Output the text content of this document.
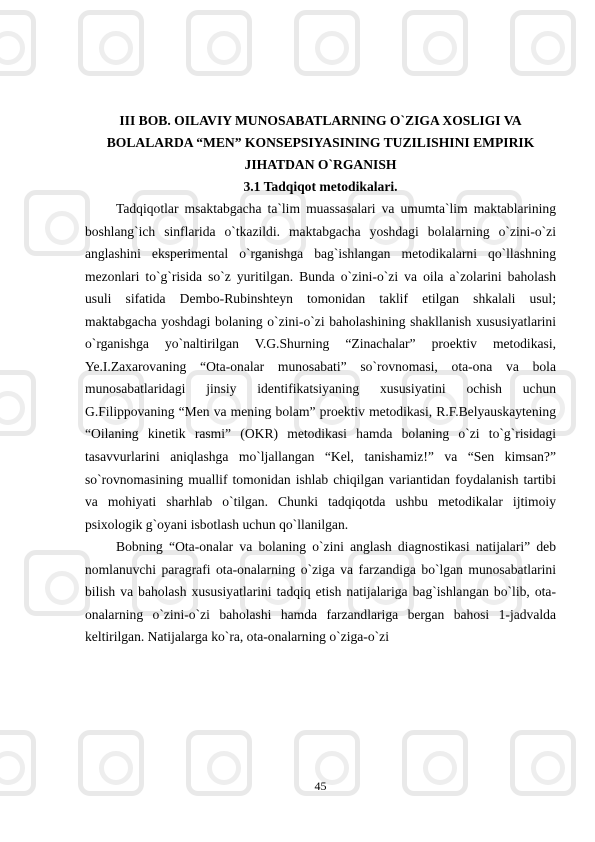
III BOB. OILAVIY MUNOSABATLARNING O`ZIGA XOSLIGI VA BOLALARDA “MEN” KONSEPSIYASINING TUZILISHINI EMPIRIK JIHATDAN O`RGANISH
3.1 Tadqiqot metodikalari.

Tadqiqotlar msaktabgacha ta`lim muassasalari va umumta`lim maktablarining boshlang`ich sinflarida o`tkazildi. maktabgacha yoshdagi bolalarning o`zini-o`zi anglashini eksperimental o`rganishga bag`ishlangan metodikalarni qo`llashning mezonlari to`g`risida so`z yuritilgan. Bunda o`zini-o`zi va oila a`zolarini baholash usuli sifatida Dembo-Rubinshteyn tomonidan taklif etilgan shkalali usul; maktabgacha yoshdagi bolaning o`zini-o`zi baholashining shakllanish xususiyatlarini o`rganishga yo`naltirilgan V.G.Shurning “Zinachalar” proektiv metodikasi, Ye.I.Zaxarovaning “Ota-onalar munosabati” so`rovnomasi, ota-ona va bola munosabatlaridagi jinsiy identifikatsiyaning xususiyatini ochish uchun G.Filippovaning “Men va mening bolam” proektiv metodikasi, R.F.Belyauskaytening “Oilaning kinetik rasmi” (OKR) metodikasi hamda bolaning o`zi to`g`risidagi tasavvurlarini aniqlashga mo`ljallangan “Kel, tanishamiz!” va “Sen kimsan?” so`rovnomasining muallif tomonidan ishlab chiqilgan variantidan foydalanish tartibi va mohiyati sharhlab o`tilgan. Chunki tadqiqotda ushbu metodikalar ijtimoiy psixologik g`oyani isbotlash uchun qo`llanilgan.

Bobning “Ota-onalar va bolaning o`zini anglash diagnostikasi natijalari” deb nomlanuvchi paragrafi ota-onalarning o`ziga va farzandiga bo`lgan munosabatlarini bilish va baholash xususiyatlarini tadqiq etish natijalariga bag`ishlangan bo`lib, ota-onalarning o`zini-o`zi baholashi hamda farzandlariga bergan bahosi 1-jadvalda keltirilgan. Natijalarga ko`ra, ota-onalarning o`ziga-o`zi

45
